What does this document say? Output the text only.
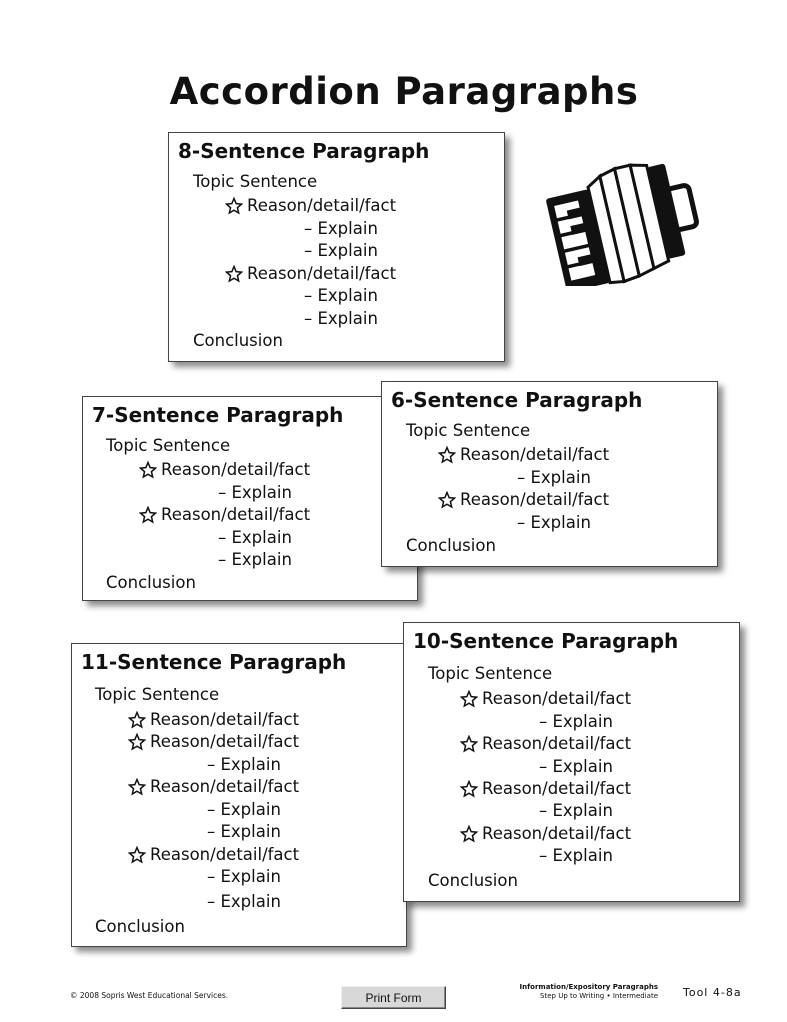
Accordion Paragraphs
8-Sentence Paragraph
Topic Sentence
Reason/detail/fact
– Explain
– Explain
Reason/detail/fact
– Explain
– Explain
Conclusion
7-Sentence Paragraph
Topic Sentence
Reason/detail/fact
– Explain
Reason/detail/fact
– Explain
– Explain
Conclusion
6-Sentence Paragraph
Topic Sentence
Reason/detail/fact
– Explain
Reason/detail/fact
– Explain
Conclusion
11-Sentence Paragraph
Topic Sentence
Reason/detail/fact
Reason/detail/fact
– Explain
Reason/detail/fact
– Explain
– Explain
Reason/detail/fact
– Explain
– Explain
Conclusion
10-Sentence Paragraph
Topic Sentence
Reason/detail/fact
– Explain
Reason/detail/fact
– Explain
Reason/detail/fact
– Explain
Reason/detail/fact
– Explain
Conclusion
© 2008 Sopris West Educational Services.	Print Form
Information/Expository Paragraphs
Step Up to Writing • Intermediate Tool 4-8a
